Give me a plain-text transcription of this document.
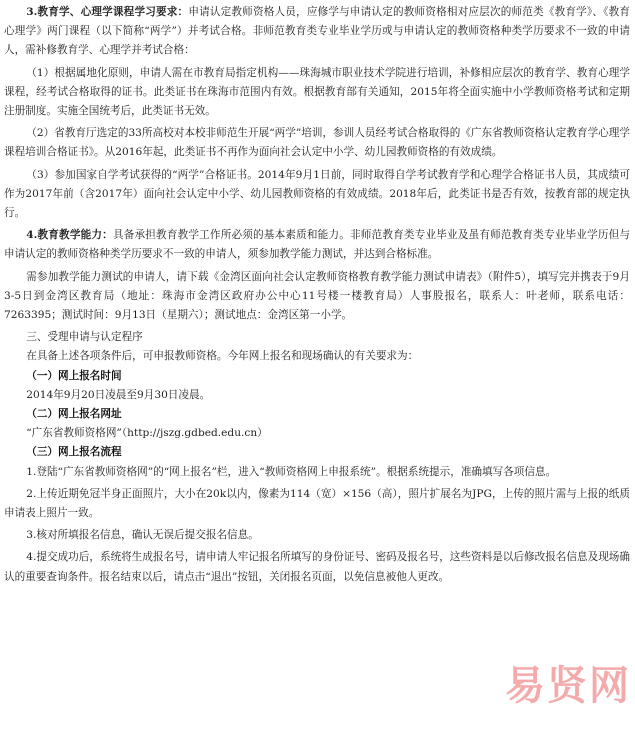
3.教育学、心理学课程学习要求：申请认定教师资格人员，应修学与申请认定的教师资格相对应层次的师范类《教育学》、《教育心理学》两门课程（以下简称“两学”）并考试合格。非师范教育类专业毕业学历或与申请认定的教师资格种类学历要求不一致的申请人，需补修教育学、心理学并考试合格：

（1）根据属地化原则，申请人需在市教育局指定机构——珠海城市职业技术学院进行培训，补修相应层次的教育学、教育心理学课程，经考试合格取得的证书。此类证书在珠海市范围内有效。根据教育部有关通知，2015年将全面实施中小学教师资格考试和定期注册制度。实施全国统考后，此类证书无效。

（2）省教育厅选定的33所高校对本校非师范生开展“两学”培训，参训人员经考试合格取得的《广东省教师资格认定教育学心理学课程培训合格证书》。从2016年起，此类证书不再作为面向社会认定中小学、幼儿园教师资格的有效成绩。

（3）参加国家自学考试获得的“两学”合格证书。2014年9月1日前，同时取得自学考试教育学和心理学合格证书人员，其成绩可作为2017年前（含2017年）面向社会认定中小学、幼儿园教师资格的有效成绩。2018年后，此类证书是否有效，按教育部的规定执行。

4.教育教学能力：具备承担教育教学工作所必须的基本素质和能力。非师范教育类专业毕业及虽有师范教育类专业毕业学历但与申请认定的教师资格种类学历要求不一致的申请人，须参加教学能力测试，并达到合格标准。

需参加教学能力测试的申请人，请下载《金湾区面向社会认定教师资格教育教学能力测试申请表》（附件5），填写完并携表于9月3-5日到金湾区教育局（地址：珠海市金湾区政府办公中心11号楼一楼教育局）人事股报名，联系人：叶老师，联系电话：7263395；测试时间：9月13日（星期六）；测试地点：金湾区第一小学。

三、受理申请与认定程序

在具备上述各项条件后，可申报教师资格。今年网上报名和现场确认的有关要求为：

（一）网上报名时间

2014年9月20日凌晨至9月30日凌晨。

（二）网上报名网址

“广东省教师资格网”（http://jszg.gdbed.edu.cn）

（三）网上报名流程

1.登陆“广东省教师资格网”的“网上报名”栏，进入“教师资格网上申报系统”。根据系统提示，准确填写各项信息。

2.上传近期免冠半身正面照片，大小在20k以内，像素为114（宽）×156（高），照片扩展名为JPG，上传的照片需与上报的纸质申请表上照片一致。

3.核对所填报名信息，确认无误后提交报名信息。

4.提交成功后，系统将生成报名号，请申请人牢记报名所填写的身份证号、密码及报名号，这些资料是以后修改报名信息及现场确认的重要查询条件。报名结束以后，请点击“退出”按钮，关闭报名页面，以免信息被他人更改。

易贤网
